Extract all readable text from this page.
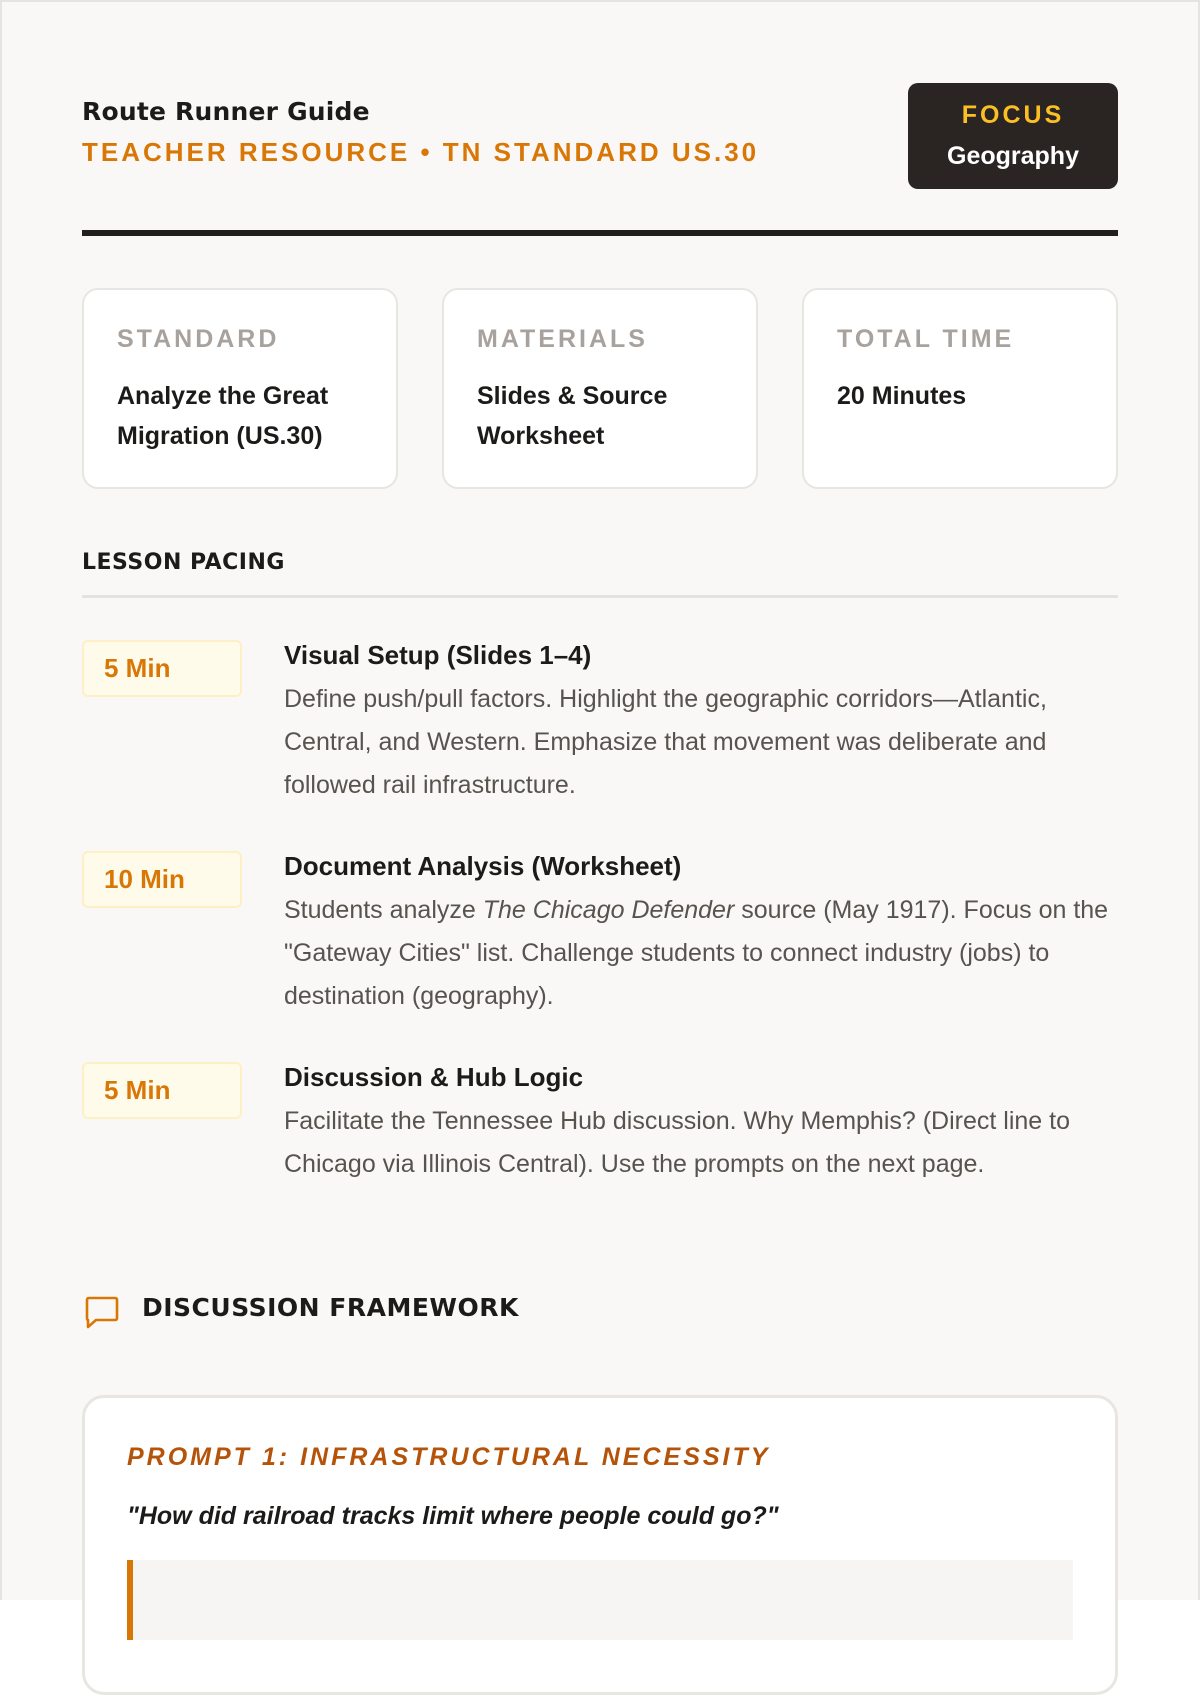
Route Runner Guide
TEACHER RESOURCE • TN STANDARD US.30
FOCUS
Geography
STANDARD
Analyze the Great Migration (US.30)
MATERIALS
Slides & Source Worksheet
TOTAL TIME
20 Minutes
LESSON PACING
5 Min	Visual Setup (Slides 1–4)
Define push/pull factors. Highlight the geographic corridors—Atlantic, Central, and Western. Emphasize that movement was deliberate and followed rail infrastructure.
10 Min	Document Analysis (Worksheet)
Students analyze The Chicago Defender source (May 1917). Focus on the "Gateway Cities" list. Challenge students to connect industry (jobs) to destination (geography).
5 Min	Discussion & Hub Logic
Facilitate the Tennessee Hub discussion. Why Memphis? (Direct line to Chicago via Illinois Central). Use the prompts on the next page.
DISCUSSION FRAMEWORK
PROMPT 1: INFRASTRUCTURAL NECESSITY
"How did railroad tracks limit where people could go?"
